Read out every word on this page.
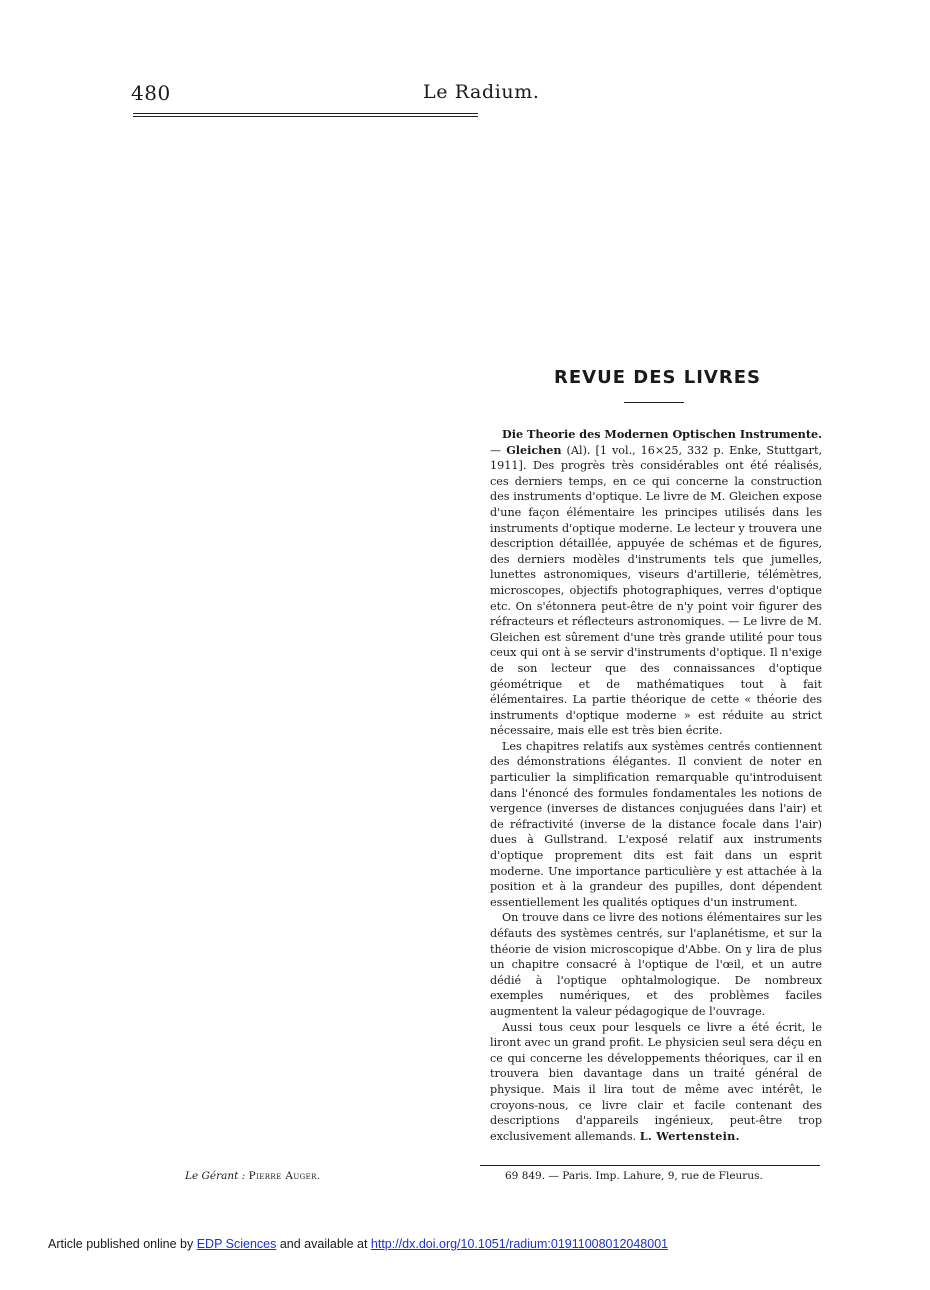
480	Le Radium.
REVUE DES LIVRES

Die Theorie des Modernen Optischen Instrumente. — Gleichen (Al). [1 vol., 16×25, 332 p. Enke, Stuttgart, 1911]. Des progrès très considérables ont été réalisés, ces derniers temps, en ce qui concerne la construction des instruments d'optique. Le livre de M. Gleichen expose d'une façon élémentaire les principes utilisés dans les instruments d'optique moderne. Le lecteur y trouvera une description détaillée, appuyée de schémas et de figures, des derniers modèles d'instruments tels que jumelles, lunettes astronomiques, viseurs d'artillerie, télémètres, microscopes, objectifs photographiques, verres d'optique etc. On s'étonnera peut-être de n'y point voir figurer des réfracteurs et réflecteurs astronomiques. — Le livre de M. Gleichen est sûrement d'une très grande utilité pour tous ceux qui ont à se servir d'instruments d'optique. Il n'exige de son lecteur que des connaissances d'optique géométrique et de mathématiques tout à fait élémentaires. La partie théorique de cette « théorie des instruments d'optique moderne » est réduite au strict nécessaire, mais elle est très bien écrite.

Les chapitres relatifs aux systèmes centrés contiennent des démonstrations élégantes. Il convient de noter en particulier la simplification remarquable qu'introduisent dans l'énoncé des formules fondamentales les notions de vergence (inverses de distances conjuguées dans l'air) et de réfractivité (inverse de la distance focale dans l'air) dues à Gullstrand. L'exposé relatif aux instruments d'optique proprement dits est fait dans un esprit moderne. Une importance particulière y est attachée à la position et à la grandeur des pupilles, dont dépendent essentiellement les qualités optiques d'un instrument.

On trouve dans ce livre des notions élémentaires sur les défauts des systèmes centrés, sur l'aplanétisme, et sur la théorie de vision microscopique d'Abbe. On y lira de plus un chapitre consacré à l'optique de l'œil, et un autre dédié à l'optique ophtalmologique. De nombreux exemples numériques, et des problèmes faciles augmentent la valeur pédagogique de l'ouvrage.

Aussi tous ceux pour lesquels ce livre a été écrit, le liront avec un grand profit. Le physicien seul sera déçu en ce qui concerne les développements théoriques, car il en trouvera bien davantage dans un traité général de physique. Mais il lira tout de même avec intérêt, le croyons-nous, ce livre clair et facile contenant des descriptions d'appareils ingénieux, peut-être trop exclusivement allemands. L. Wertenstein.

Le Gérant : Pierre Auger.	69 849. — Paris. Imp. Lahure, 9, rue de Fleurus.
Article published online by EDP Sciences and available at http://dx.doi.org/10.1051/radium:01911008012048001
